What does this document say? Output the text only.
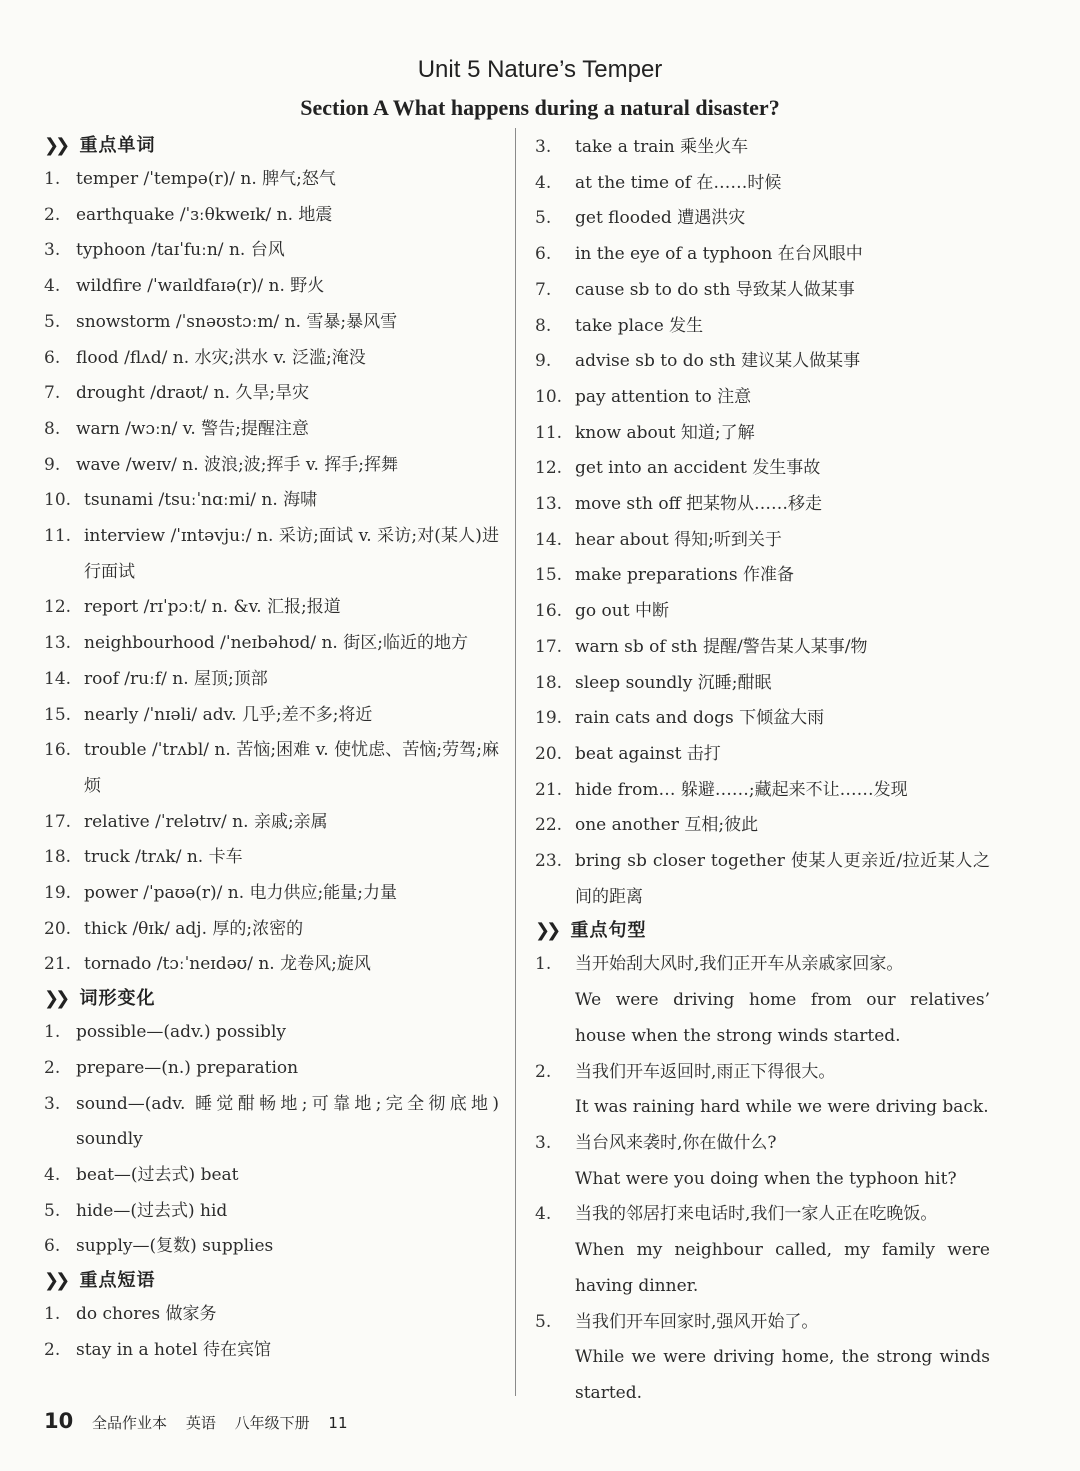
Unit 5 Nature’s Temper
Section A What happens during a natural disaster?
❯❯ 重点单词
1. temper /ˈtempə(r)/ n. 脾气;怒气
2. earthquake /ˈɜːθkweɪk/ n. 地震
3. typhoon /taɪˈfuːn/ n. 台风
4. wildfire /ˈwaɪldfaɪə(r)/ n. 野火
5. snowstorm /ˈsnəʊstɔːm/ n. 雪暴;暴风雪
6. flood /flʌd/ n. 水灾;洪水 v. 泛滥;淹没
7. drought /draʊt/ n. 久旱;旱灾
8. warn /wɔːn/ v. 警告;提醒注意
9. wave /weɪv/ n. 波浪;波;挥手 v. 挥手;挥舞
10. tsunami /tsuːˈnɑːmi/ n. 海啸
11. interview /ˈɪntəvjuː/ n. 采访;面试 v. 采访;对(某人)进行面试
12. report /rɪˈpɔːt/ n. &v. 汇报;报道
13. neighbourhood /ˈneɪbəhʊd/ n. 街区;临近的地方
14. roof /ruːf/ n. 屋顶;顶部
15. nearly /ˈnɪəli/ adv. 几乎;差不多;将近
16. trouble /ˈtrʌbl/ n. 苦恼;困难 v. 使忧虑、苦恼;劳驾;麻烦
17. relative /ˈrelətɪv/ n. 亲戚;亲属
18. truck /trʌk/ n. 卡车
19. power /ˈpaʊə(r)/ n. 电力供应;能量;力量
20. thick /θɪk/ adj. 厚的;浓密的
21. tornado /tɔːˈneɪdəʊ/ n. 龙卷风;旋风
❯❯ 词形变化
1. possible—(adv.) possibly
2. prepare—(n.) preparation
3. sound—(adv. 睡觉酣畅地;可靠地;完全彻底地) soundly
4. beat—(过去式) beat
5. hide—(过去式) hid
6. supply—(复数) supplies
❯❯ 重点短语
1. do chores 做家务
2. stay in a hotel 待在宾馆
3.	take a train 乘坐火车
4.	at the time of 在……时候
5.	get flooded 遭遇洪灾
6.	in the eye of a typhoon 在台风眼中
7.	cause sb to do sth 导致某人做某事
8.	take place 发生
9.	advise sb to do sth 建议某人做某事
10. pay attention to 注意
11. know about 知道;了解
12. get into an accident 发生事故
13. move sth off 把某物从……移走
14. hear about 得知;听到关于
15. make preparations 作准备
16. go out 中断
17. warn sb of sth 提醒/警告某人某事/物
18. sleep soundly 沉睡;酣眠
19. rain cats and dogs 下倾盆大雨
20. beat against 击打
21. hide from… 躲避……;藏起来不让……发现
22. one another 互相;彼此
23. bring sb closer together 使某人更亲近/拉近某人之间的距离
❯❯ 重点句型
1.	当开始刮大风时,我们正开车从亲戚家回家。
We were driving home from our relatives’ house when the strong winds started.
2.	当我们开车返回时,雨正下得很大。
It was raining hard while we were driving back.
3.	当台风来袭时,你在做什么?
What were you doing when the typhoon hit?
4.	当我的邻居打来电话时,我们一家人正在吃晚饭。
When my neighbour called, my family were having dinner.
5.	当我们开车回家时,强风开始了。
While we were driving home, the strong winds started.
10 全品作业本 英语 八年级下册 11
